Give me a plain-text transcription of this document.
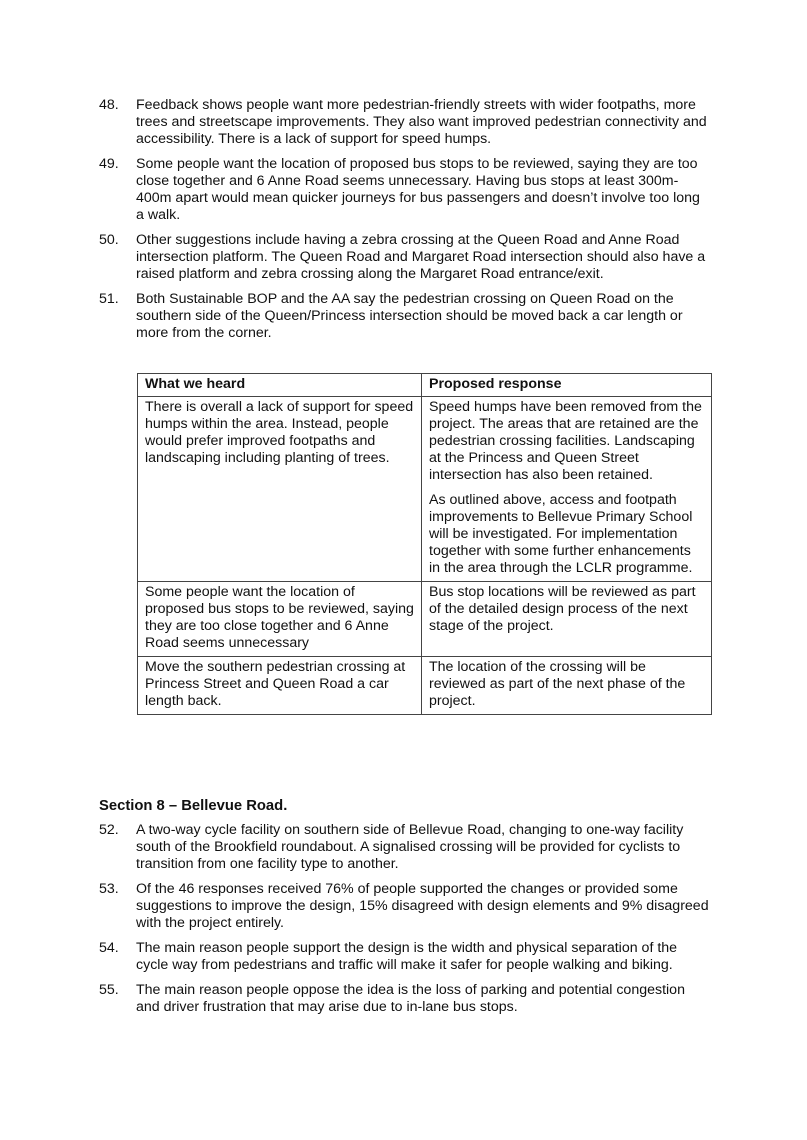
48. Feedback shows people want more pedestrian-friendly streets with wider footpaths, more trees and streetscape improvements. They also want improved pedestrian connectivity and accessibility. There is a lack of support for speed humps.
49. Some people want the location of proposed bus stops to be reviewed, saying they are too close together and 6 Anne Road seems unnecessary. Having bus stops at least 300m-400m apart would mean quicker journeys for bus passengers and doesn’t involve too long a walk.
50. Other suggestions include having a zebra crossing at the Queen Road and Anne Road intersection platform. The Queen Road and Margaret Road intersection should also have a raised platform and zebra crossing along the Margaret Road entrance/exit.
51. Both Sustainable BOP and the AA say the pedestrian crossing on Queen Road on the southern side of the Queen/Princess intersection should be moved back a car length or more from the corner.
What we heard	Proposed response
There is overall a lack of support for speed humps within the area. Instead, people would prefer improved footpaths and landscaping including planting of trees.	Speed humps have been removed from the project. The areas that are retained are the pedestrian crossing facilities. Landscaping at the Princess and Queen Street intersection has also been retained.

As outlined above, access and footpath improvements to Bellevue Primary School will be investigated. For implementation together with some further enhancements in the area through the LCLR programme.

Some people want the location of proposed bus stops to be reviewed, saying they are too close together and 6 Anne Road seems unnecessary	Bus stop locations will be reviewed as part of the detailed design process of the next stage of the project.

Move the southern pedestrian crossing at Princess Street and Queen Road a car length back.	The location of the crossing will be reviewed as part of the next phase of the project.

Section 8 – Bellevue Road.
52. A two-way cycle facility on southern side of Bellevue Road, changing to one-way facility south of the Brookfield roundabout. A signalised crossing will be provided for cyclists to transition from one facility type to another.
53. Of the 46 responses received 76% of people supported the changes or provided some suggestions to improve the design, 15% disagreed with design elements and 9% disagreed with the project entirely.
54. The main reason people support the design is the width and physical separation of the cycle way from pedestrians and traffic will make it safer for people walking and biking.
55. The main reason people oppose the idea is the loss of parking and potential congestion and driver frustration that may arise due to in-lane bus stops.
